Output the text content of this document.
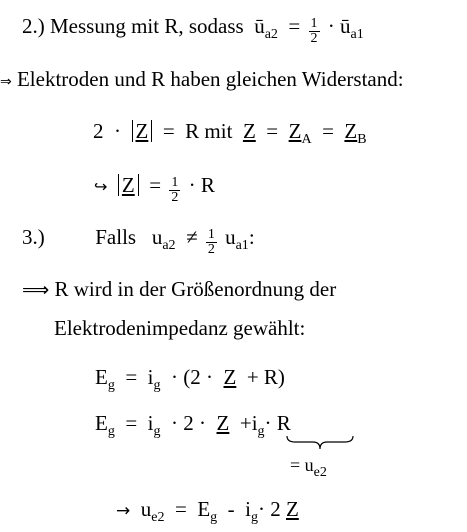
2.) Messung mit R, sodass $ū_{a2} = \frac{1}{2}$ · $ū_{a1}$
⇒ Elektroden und R haben gleichen Widerstand:
2 · Z = R mit $Z = Z_A = Z_B$
↪ $Z = \frac{1}{2} \cdot R$
3.) Falls $u_{a2} \ne \frac{1}{2} u_{a1}$:
⟹ R wird in der Größenordnung der
Elektrodenimpedanz gewählt:
$E_g = i_g \cdot (2 \cdot Z + R)$
$E_g = i_g \cdot 2 \cdot Z +i_g\cdot R$
= $u_{e2}$
→ $u_{e2} = E_g - i_g\cdot 2$ Z
